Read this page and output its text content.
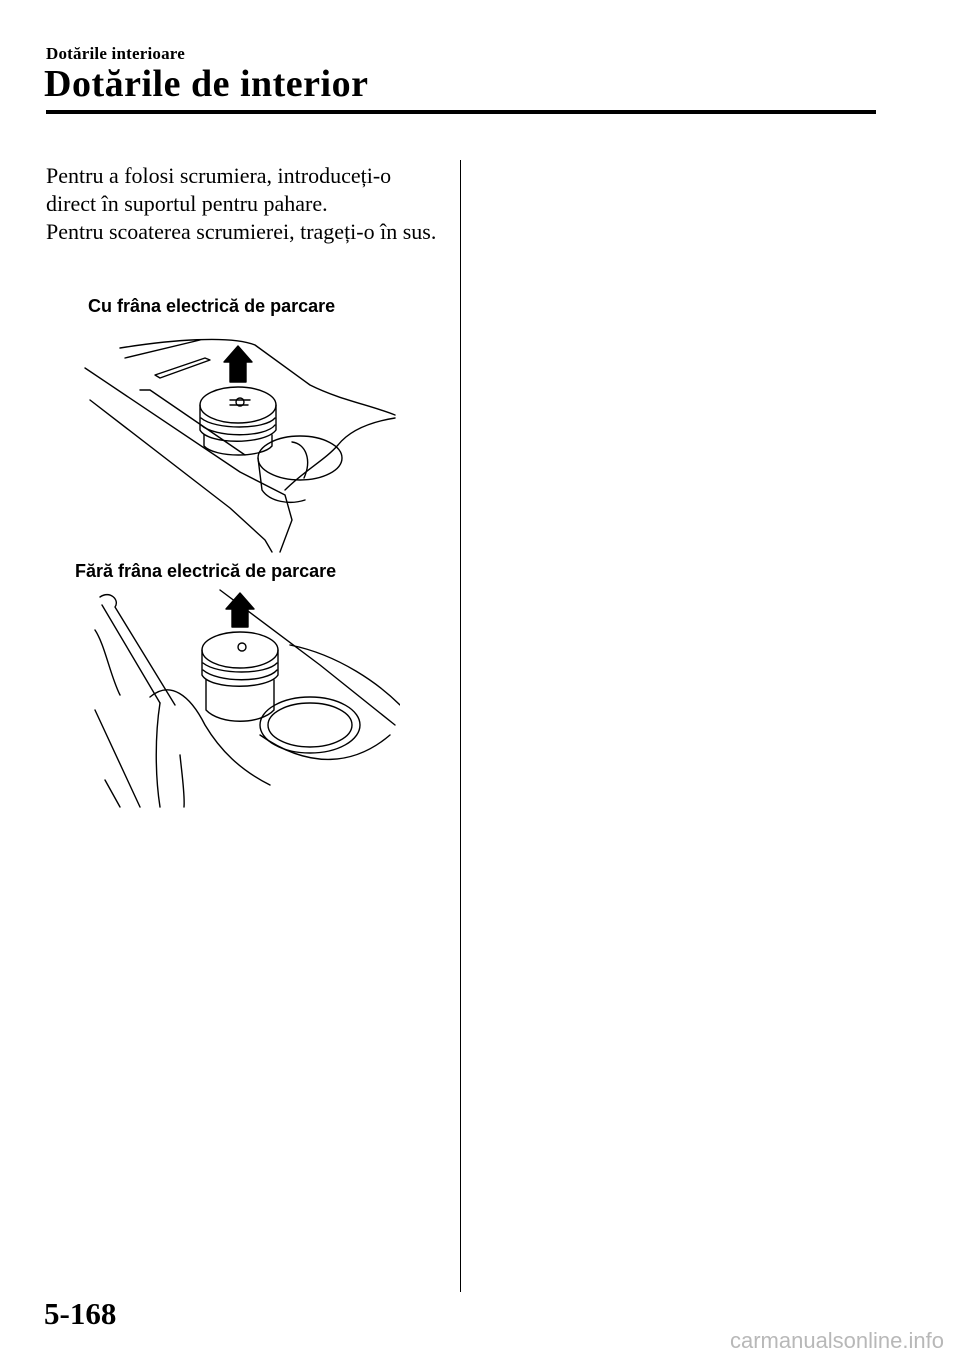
Dotările interioare
Dotările de interior

Pentru a folosi scrumiera, introduceți-o direct în suportul pentru pahare.

Pentru scoaterea scrumierei, trageți-o în sus.

Cu frâna electrică de parcare
Fără frâna electrică de parcare
5-168
carmanualsonline.info
